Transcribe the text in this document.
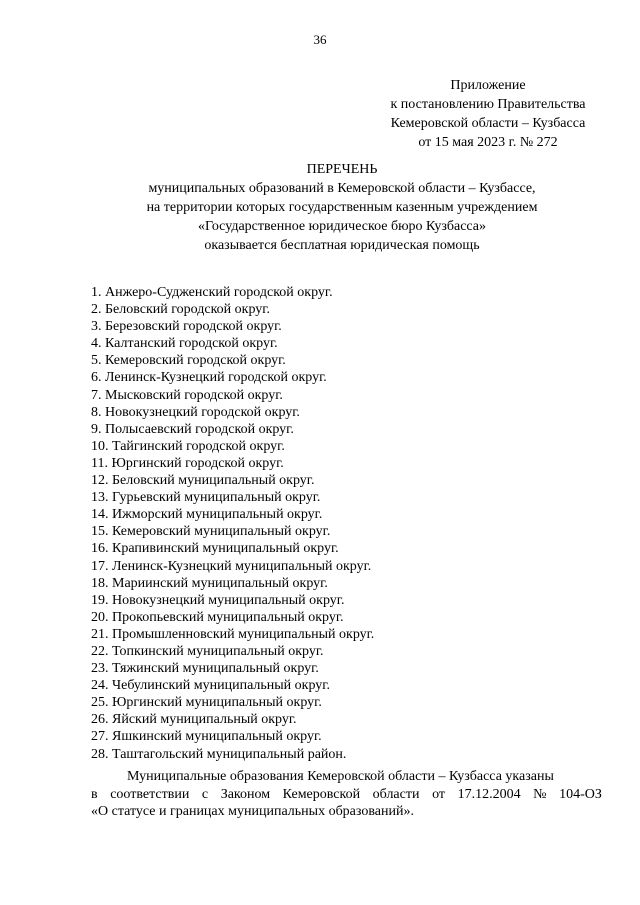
36
Приложение
к постановлению Правительства
Кемеровской области – Кузбасса
от 15 мая 2023 г. № 272
ПЕРЕЧЕНЬ
муниципальных образований в Кемеровской области – Кузбассе,
на территории которых государственным казенным учреждением
«Государственное юридическое бюро Кузбасса»
оказывается бесплатная юридическая помощь
1. Анжеро-Судженский городской округ.
2. Беловский городской округ.
3. Березовский городской округ.
4. Калтанский городской округ.
5. Кемеровский городской округ.
6. Ленинск-Кузнецкий городской округ.
7. Мысковский городской округ.
8. Новокузнецкий городской округ.
9. Полысаевский городской округ.
10. Тайгинский городской округ.
11. Юргинский городской округ.
12. Беловский муниципальный округ.
13. Гурьевский муниципальный округ.
14. Ижморский муниципальный округ.
15. Кемеровский муниципальный округ.
16. Крапивинский муниципальный округ.
17. Ленинск-Кузнецкий муниципальный округ.
18. Мариинский муниципальный округ.
19. Новокузнецкий муниципальный округ.
20. Прокопьевский муниципальный округ.
21. Промышленновский муниципальный округ.
22. Топкинский муниципальный округ.
23. Тяжинский муниципальный округ.
24. Чебулинский муниципальный округ.
25. Юргинский муниципальный округ.
26. Яйский муниципальный округ.
27. Яшкинский муниципальный округ.
28. Таштагольский муниципальный район.
Муниципальные образования Кемеровской области – Кузбасса указаны
в соответствии с Законом Кемеровской области от 17.12.2004 № 104-ОЗ
«О статусе и границах муниципальных образований».
